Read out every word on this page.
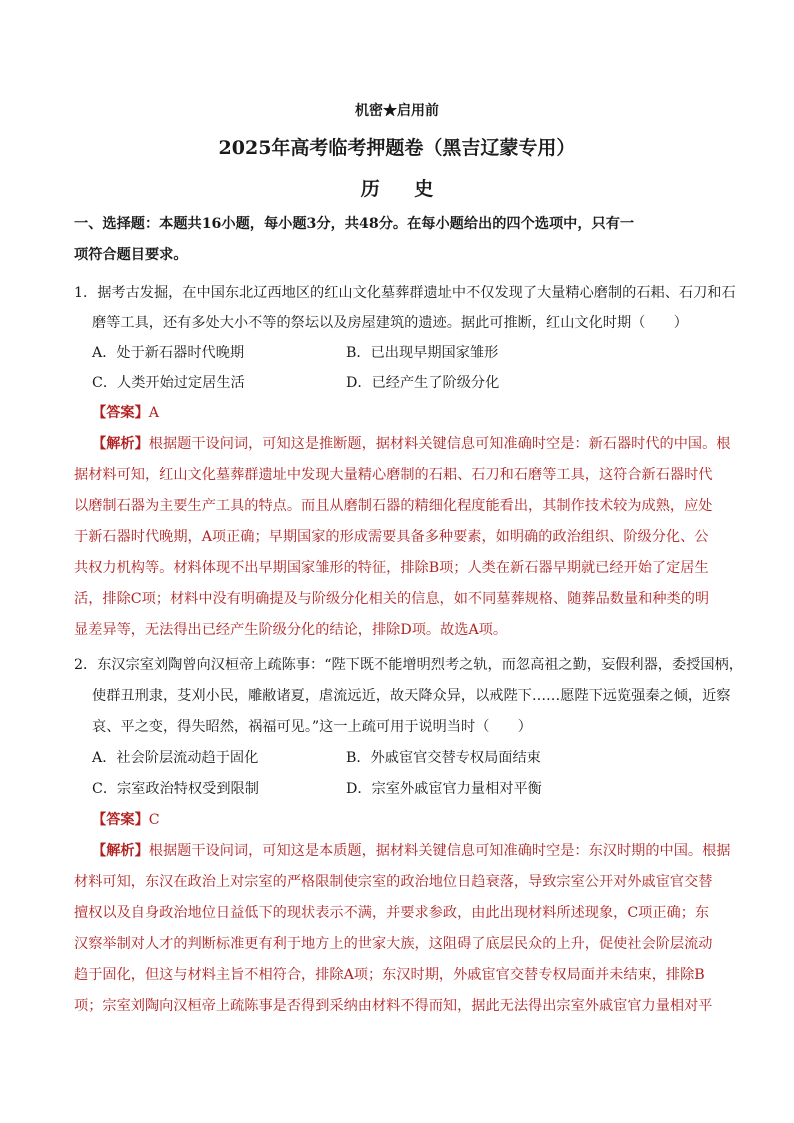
机密★启用前
2025年高考临考押题卷（黑吉辽蒙专用）
历 史
一、选择题：本题共16小题，每小题3分，共48分。在每小题给出的四个选项中，只有一
项符合题目要求。
1．据考古发掘，在中国东北辽西地区的红山文化墓葬群遗址中不仅发现了大量精心磨制的石耜、石刀和石
磨等工具，还有多处大小不等的祭坛以及房屋建筑的遗迹。据此可推断，红山文化时期（　　）
A．处于新石器时代晚期	B．已出现早期国家雏形
C．人类开始过定居生活	D．已经产生了阶级分化
【答案】A
【解析】根据题干设问词，可知这是推断题，据材料关键信息可知准确时空是：新石器时代的中国。根
据材料可知，红山文化墓葬群遗址中发现大量精心磨制的石耜、石刀和石磨等工具，这符合新石器时代
以磨制石器为主要生产工具的特点。而且从磨制石器的精细化程度能看出，其制作技术较为成熟，应处
于新石器时代晚期，A项正确；早期国家的形成需要具备多种要素，如明确的政治组织、阶级分化、公
共权力机构等。材料体现不出早期国家雏形的特征，排除B项；人类在新石器早期就已经开始了定居生
活，排除C项；材料中没有明确提及与阶级分化相关的信息，如不同墓葬规格、随葬品数量和种类的明
显差异等，无法得出已经产生阶级分化的结论，排除D项。故选A项。
2．东汉宗室刘陶曾向汉桓帝上疏陈事：“陛下既不能增明烈考之轨，而忽高祖之勤，妄假利器，委授国柄，
使群丑刑隶，芟刈小民，雕敝诸夏，虐流远近，故天降众异，以戒陛下……愿陛下远览强秦之倾，近察
哀、平之变，得失昭然，祸福可见。”这一上疏可用于说明当时（　　）
A．社会阶层流动趋于固化	B．外戚宦官交替专权局面结束
C．宗室政治特权受到限制	D．宗室外戚宦官力量相对平衡
【答案】C
【解析】根据题干设问词，可知这是本质题，据材料关键信息可知准确时空是：东汉时期的中国。根据
材料可知，东汉在政治上对宗室的严格限制使宗室的政治地位日趋衰落，导致宗室公开对外戚宦官交替
擅权以及自身政治地位日益低下的现状表示不满，并要求参政，由此出现材料所述现象，C项正确；东
汉察举制对人才的判断标准更有利于地方上的世家大族，这阻碍了底层民众的上升，促使社会阶层流动
趋于固化，但这与材料主旨不相符合，排除A项；东汉时期，外戚宦官交替专权局面并未结束，排除B
项；宗室刘陶向汉桓帝上疏陈事是否得到采纳由材料不得而知，据此无法得出宗室外戚宦官力量相对平
